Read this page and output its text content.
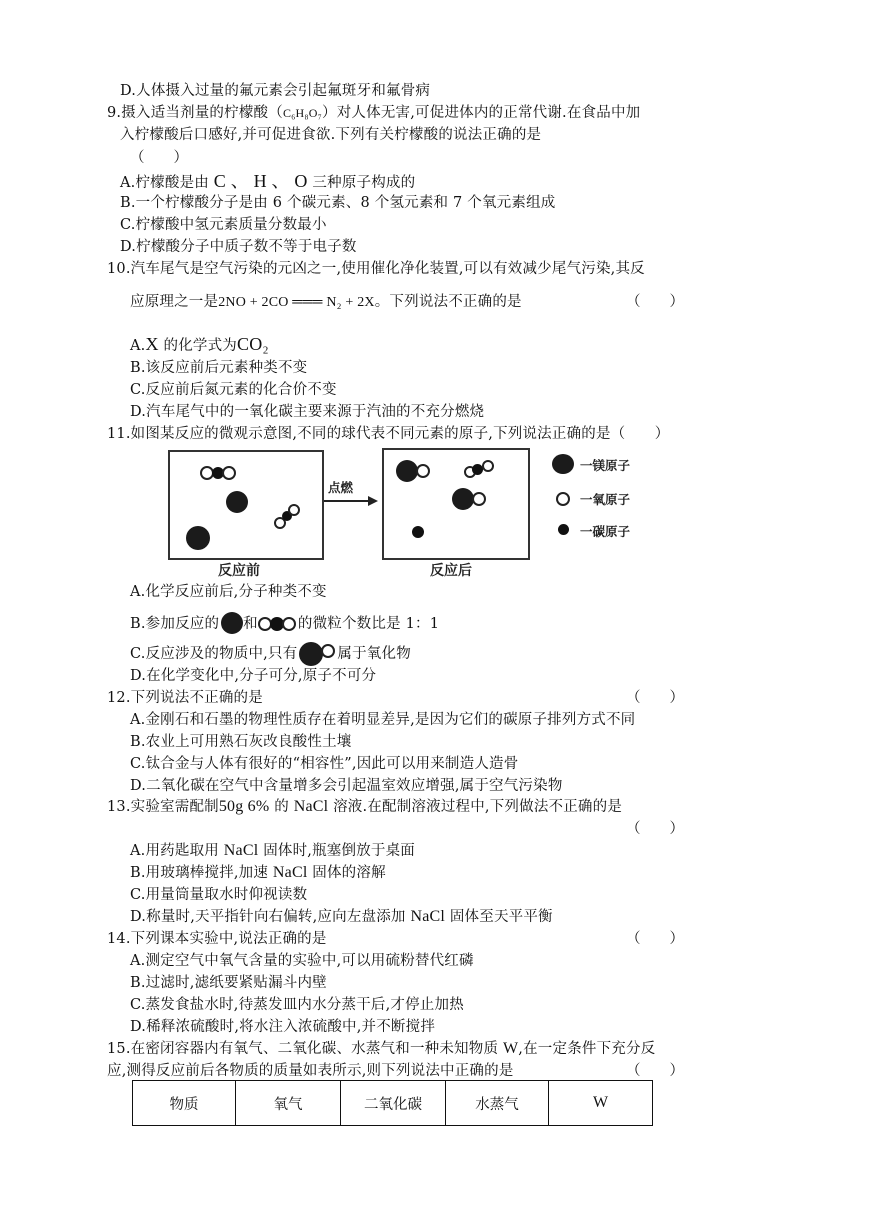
D.人体摄入过量的氟元素会引起氟斑牙和氟骨病
9.摄入适当剂量的柠檬酸（C₆H₈O₇）对人体无害,可促进体内的正常代谢.在食品中加
入柠檬酸后口感好,并可促进食欲.下列有关柠檬酸的说法正确的是
（　　）
A.柠檬酸是由 C 、 H 、 O 三种原子构成的
B.一个柠檬酸分子是由 6 个碳元素、8 个氢元素和 7 个氧元素组成
C.柠檬酸中氢元素质量分数最小
D.柠檬酸分子中质子数不等于电子数
10.汽车尾气是空气污染的元凶之一,使用催化净化装置,可以有效减少尾气污染,其反
应原理之一是2NO + 2CO ═══ N₂ + 2X。下列说法不正确的是	（　　）
A.X 的化学式为CO₂
B.该反应前后元素种类不变
C.反应前后氮元素的化合价不变
D.汽车尾气中的一氧化碳主要来源于汽油的不充分燃烧
11.如图某反应的微观示意图,不同的球代表不同元素的原子,下列说法正确的是（　　）
反应前
点燃
反应后
一镁原子
一氧原子
一碳原子
A.化学反应前后,分子种类不变
B.参加反应的 和	的微粒个数比是 1：1
C.反应涉及的物质中,只有	属于氧化物
D.在化学变化中,分子可分,原子不可分
12.下列说法不正确的是	（　　）
A.金刚石和石墨的物理性质存在着明显差异,是因为它们的碳原子排列方式不同
B.农业上可用熟石灰改良酸性土壤
C.钛合金与人体有很好的“相容性”,因此可以用来制造人造骨
D.二氧化碳在空气中含量增多会引起温室效应增强,属于空气污染物
13.实验室需配制50g 6% 的 NaCl 溶液.在配制溶液过程中,下列做法不正确的是
（　　）
A.用药匙取用 NaCl 固体时,瓶塞倒放于桌面
B.用玻璃棒搅拌,加速 NaCl 固体的溶解
C.用量筒量取水时仰视读数
D.称量时,天平指针向右偏转,应向左盘添加 NaCl 固体至天平平衡
14.下列课本实验中,说法正确的是	（　　）
A.测定空气中氧气含量的实验中,可以用硫粉替代红磷
B.过滤时,滤纸要紧贴漏斗内壁
C.蒸发食盐水时,待蒸发皿内水分蒸干后,才停止加热
D.稀释浓硫酸时,将水注入浓硫酸中,并不断搅拌
15.在密闭容器内有氧气、二氧化碳、水蒸气和一种未知物质 W,在一定条件下充分反
应,测得反应前后各物质的质量如表所示,则下列说法中正确的是	（　　）
物质	氧气	二氧化碳	水蒸气	W
